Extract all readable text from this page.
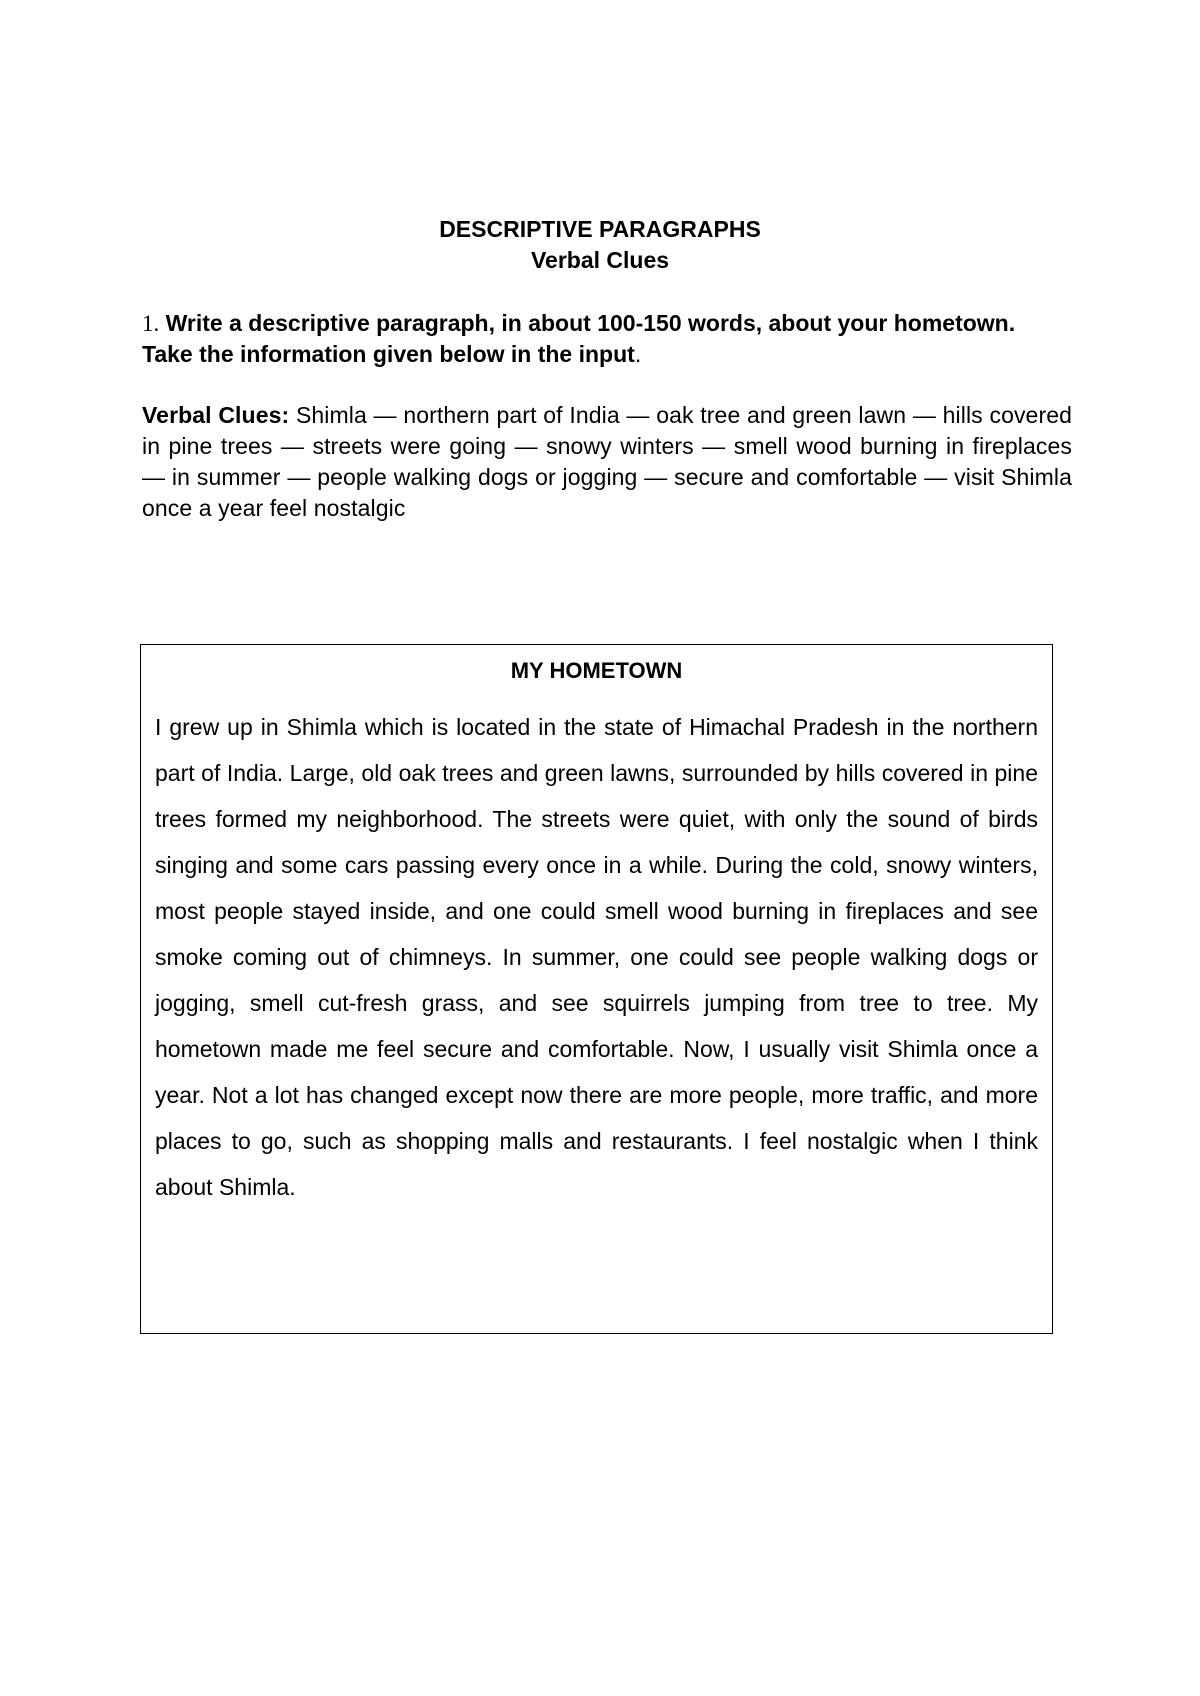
DESCRIPTIVE PARAGRAPHS
Verbal Clues
1. Write a descriptive paragraph, in about 100-150 words, about your hometown. Take the information given below in the input.
Verbal Clues: Shimla — northern part of India — oak tree and green lawn — hills covered in pine trees — streets were going — snowy winters — smell wood burning in fireplaces — in summer — people walking dogs or jogging — secure and comfortable — visit Shimla once a year feel nostalgic
MY HOMETOWN

I grew up in Shimla which is located in the state of Himachal Pradesh in the northern part of India. Large, old oak trees and green lawns, surrounded by hills covered in pine trees formed my neighborhood. The streets were quiet, with only the sound of birds singing and some cars passing every once in a while. During the cold, snowy winters, most people stayed inside, and one could smell wood burning in fireplaces and see smoke coming out of chimneys. In summer, one could see people walking dogs or jogging, smell cut-fresh grass, and see squirrels jumping from tree to tree. My hometown made me feel secure and comfortable. Now, I usually visit Shimla once a year. Not a lot has changed except now there are more people, more traffic, and more places to go, such as shopping malls and restaurants. I feel nostalgic when I think about Shimla.
